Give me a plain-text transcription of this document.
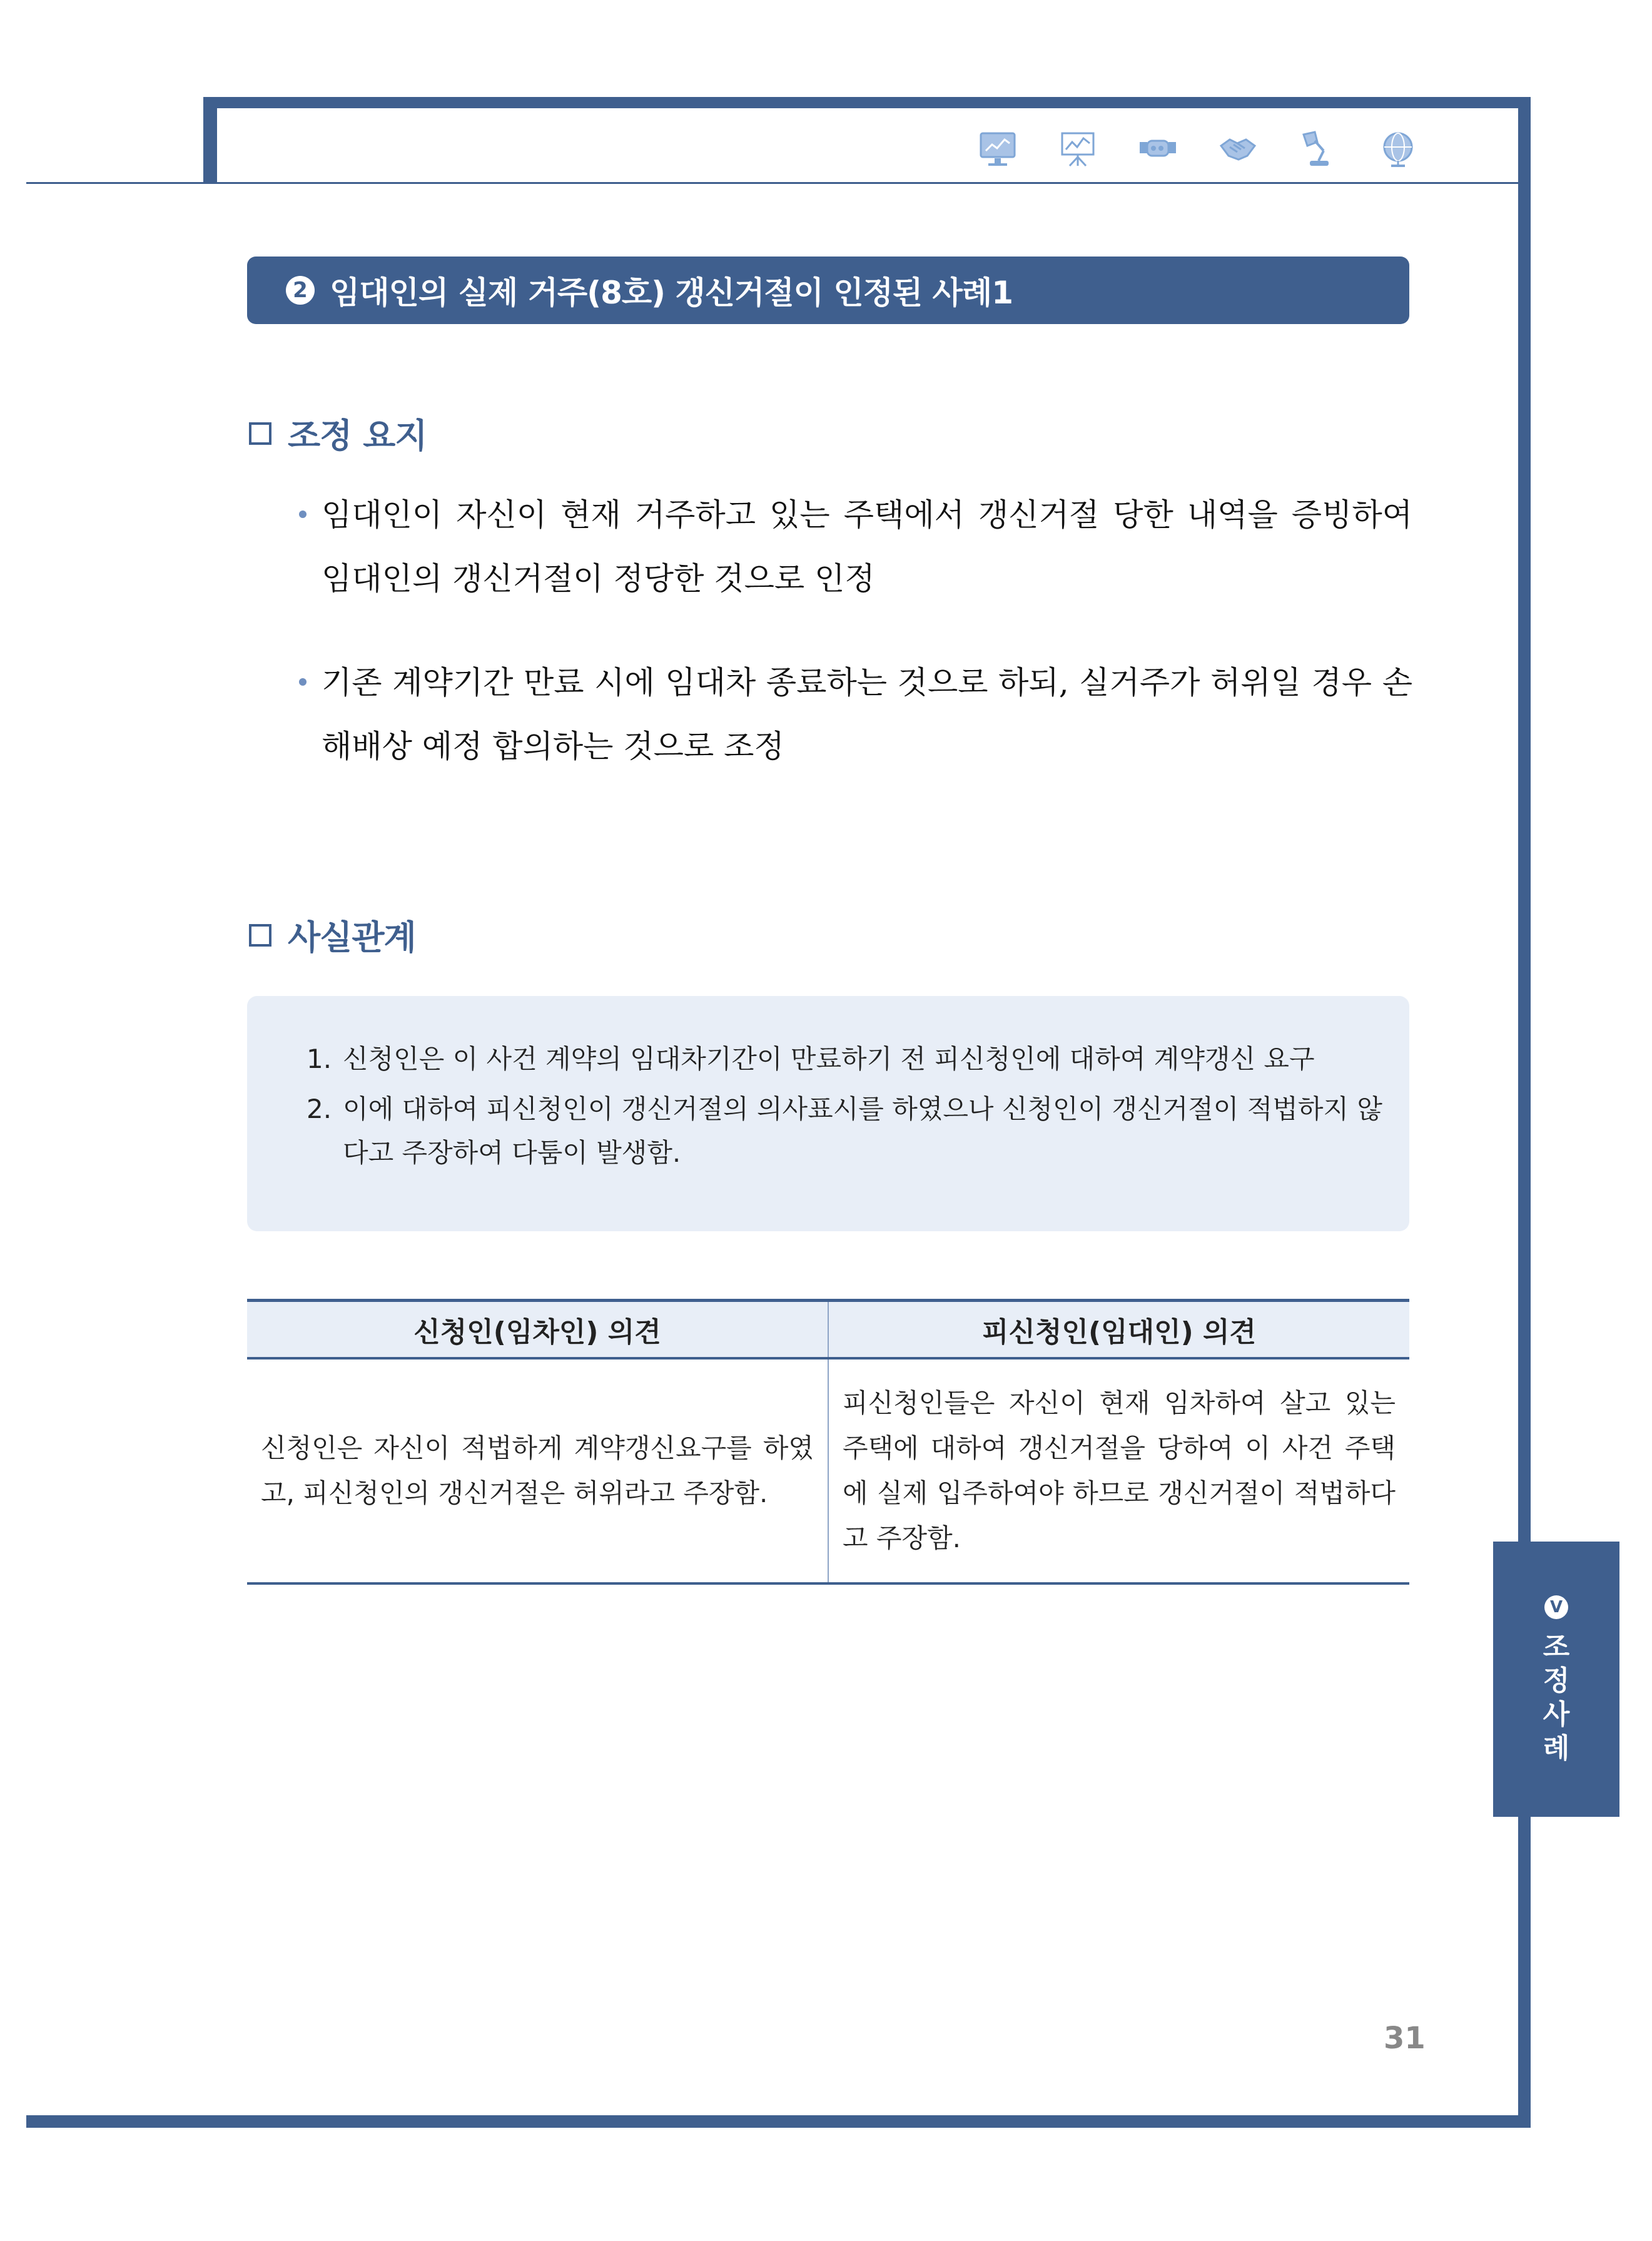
2 임대인의 실제 거주(8호) 갱신거절이 인정된 사례1
조정 요지
임대인이 자신이 현재 거주하고 있는 주택에서 갱신거절 당한 내역을 증빙하여 임대인의 갱신거절이 정당한 것으로 인정
기존 계약기간 만료 시에 임대차 종료하는 것으로 하되, 실거주가 허위일 경우 손해배상 예정 합의하는 것으로 조정
사실관계
1. 신청인은 이 사건 계약의 임대차기간이 만료하기 전 피신청인에 대하여 계약갱신 요구
2. 이에 대하여 피신청인이 갱신거절의 의사표시를 하였으나 신청인이 갱신거절이 적법하지 않다고 주장하여 다툼이 발생함.
신청인(임차인) 의견	피신청인(임대인) 의견
신청인은 자신이 적법하게 계약갱신요구를 하였고, 피신청인의 갱신거절은 허위라고 주장함.	피신청인들은 자신이 현재 임차하여 살고 있는 주택에 대하여 갱신거절을 당하여 이 사건 주택에 실제 입주하여야 하므로 갱신거절이 적법하다고 주장함.
V
조
정
사
례
31
